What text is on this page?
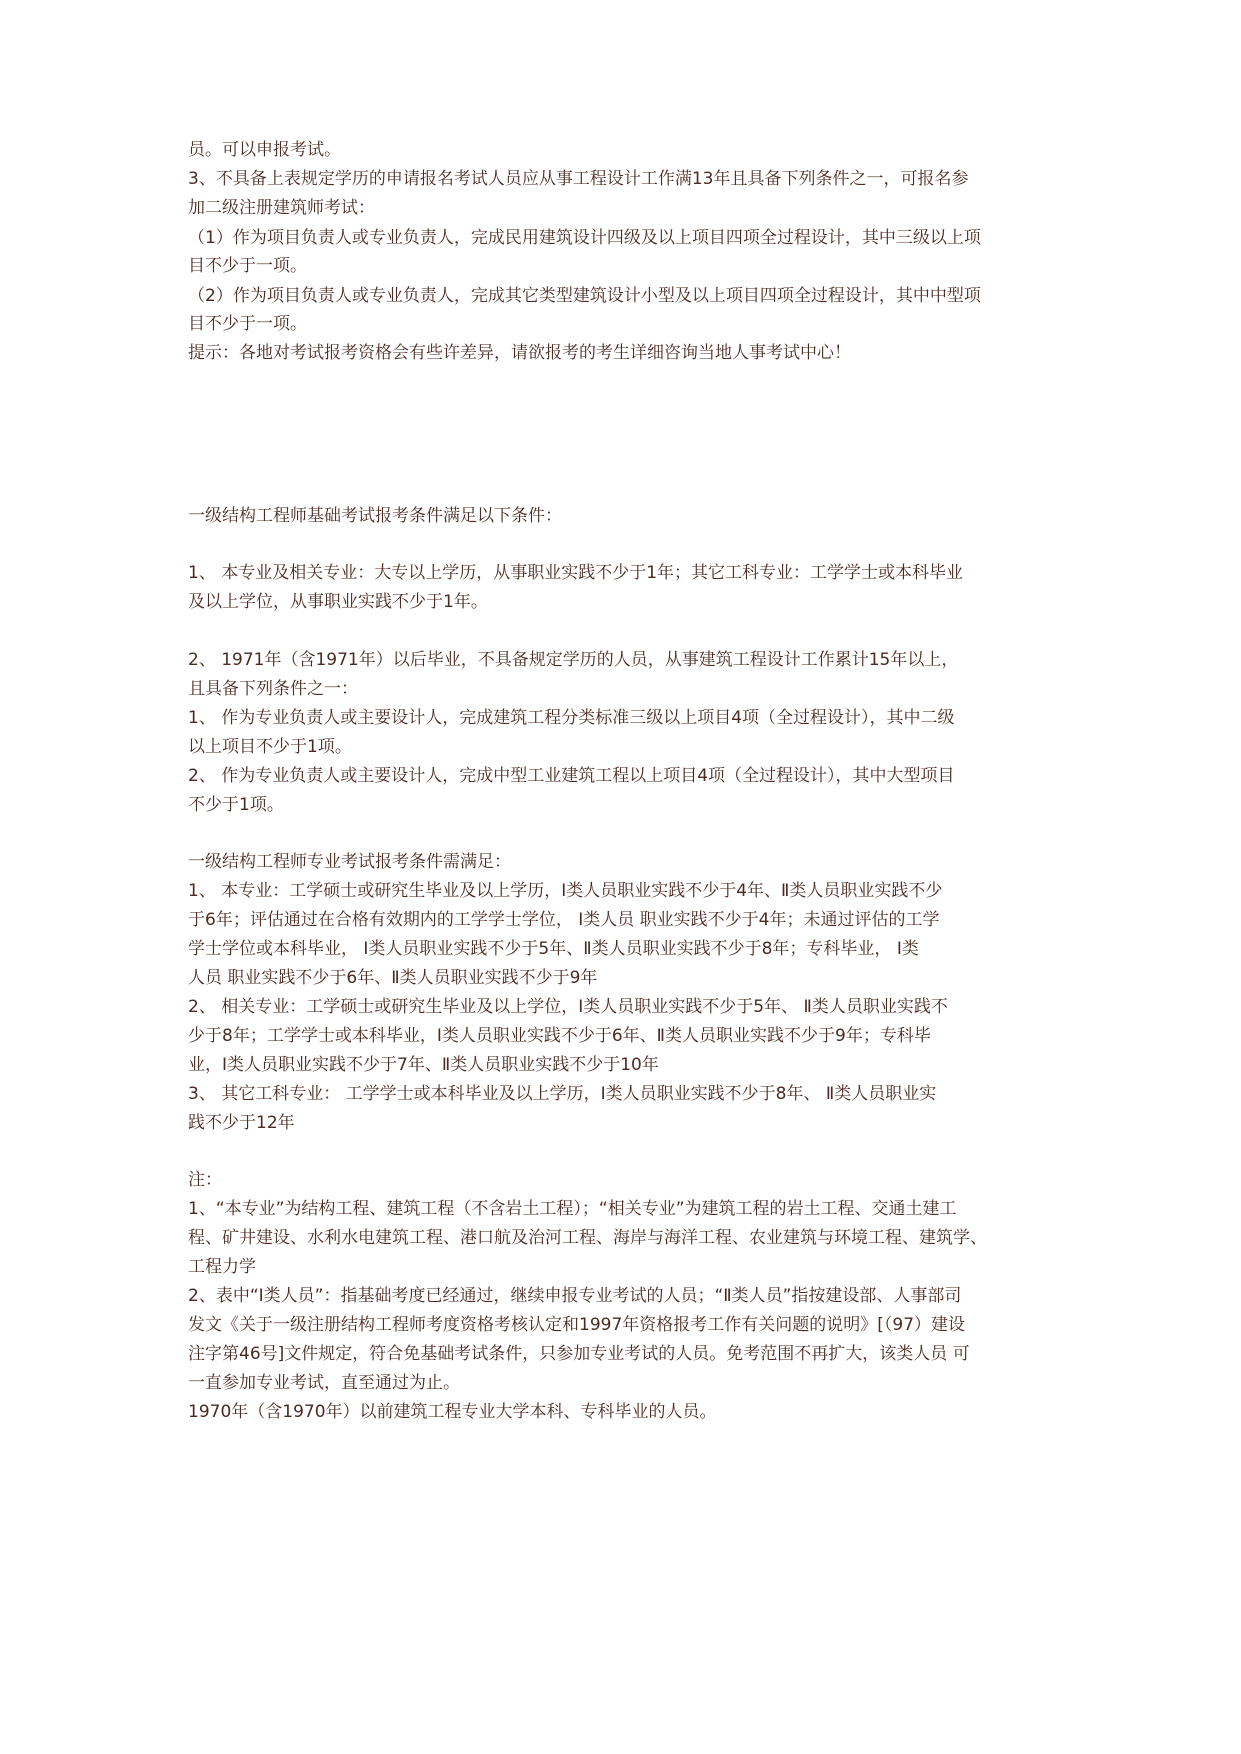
员。可以申报考试。
3、不具备上表规定学历的申请报名考试人员应从事工程设计工作满13年且具备下列条件之一，可报名参
加二级注册建筑师考试：
（1）作为项目负责人或专业负责人，完成民用建筑设计四级及以上项目四项全过程设计，其中三级以上项
目不少于一项。
（2）作为项目负责人或专业负责人，完成其它类型建筑设计小型及以上项目四项全过程设计，其中中型项
目不少于一项。
提示：各地对考试报考资格会有些许差异，请欲报考的考生详细咨询当地人事考试中心！
一级结构工程师基础考试报考条件满足以下条件：
1、 本专业及相关专业：大专以上学历，从事职业实践不少于1年；其它工科专业：工学学士或本科毕业
及以上学位，从事职业实践不少于1年。
2、 1971年（含1971年）以后毕业，不具备规定学历的人员，从事建筑工程设计工作累计15年以上，
且具备下列条件之一：
1、 作为专业负责人或主要设计人，完成建筑工程分类标准三级以上项目4项（全过程设计），其中二级
以上项目不少于1项。
2、 作为专业负责人或主要设计人，完成中型工业建筑工程以上项目4项（全过程设计），其中大型项目
不少于1项。
一级结构工程师专业考试报考条件需满足：
1、 本专业：工学硕士或研究生毕业及以上学历，Ⅰ类人员职业实践不少于4年、Ⅱ类人员职业实践不少
于6年；评估通过在合格有效期内的工学学士学位， Ⅰ类人员 职业实践不少于4年；未通过评估的工学
学士学位或本科毕业， Ⅰ类人员职业实践不少于5年、Ⅱ类人员职业实践不少于8年；专科毕业， Ⅰ类
人员 职业实践不少于6年、Ⅱ类人员职业实践不少于9年
2、 相关专业：工学硕士或研究生毕业及以上学位，Ⅰ类人员职业实践不少于5年、 Ⅱ类人员职业实践不
少于8年；工学学士或本科毕业，Ⅰ类人员职业实践不少于6年、Ⅱ类人员职业实践不少于9年；专科毕
业，Ⅰ类人员职业实践不少于7年、Ⅱ类人员职业实践不少于10年
3、 其它工科专业： 工学学士或本科毕业及以上学历，Ⅰ类人员职业实践不少于8年、 Ⅱ类人员职业实
践不少于12年
注：
1、“本专业”为结构工程、建筑工程（不含岩土工程）；“相关专业”为建筑工程的岩土工程、交通土建工
程、矿井建设、水利水电建筑工程、港口航及治河工程、海岸与海洋工程、农业建筑与环境工程、建筑学、
工程力学
2、表中“Ⅰ类人员”：指基础考度已经通过，继续申报专业考试的人员；“Ⅱ类人员”指按建设部、人事部司
发文《关于一级注册结构工程师考度资格考核认定和1997年资格报考工作有关问题的说明》[（97）建设
注字第46号]文件规定，符合免基础考试条件，只参加专业考试的人员。免考范围不再扩大，该类人员 可
一直参加专业考试，直至通过为止。
1970年（含1970年）以前建筑工程专业大学本科、专科毕业的人员。
